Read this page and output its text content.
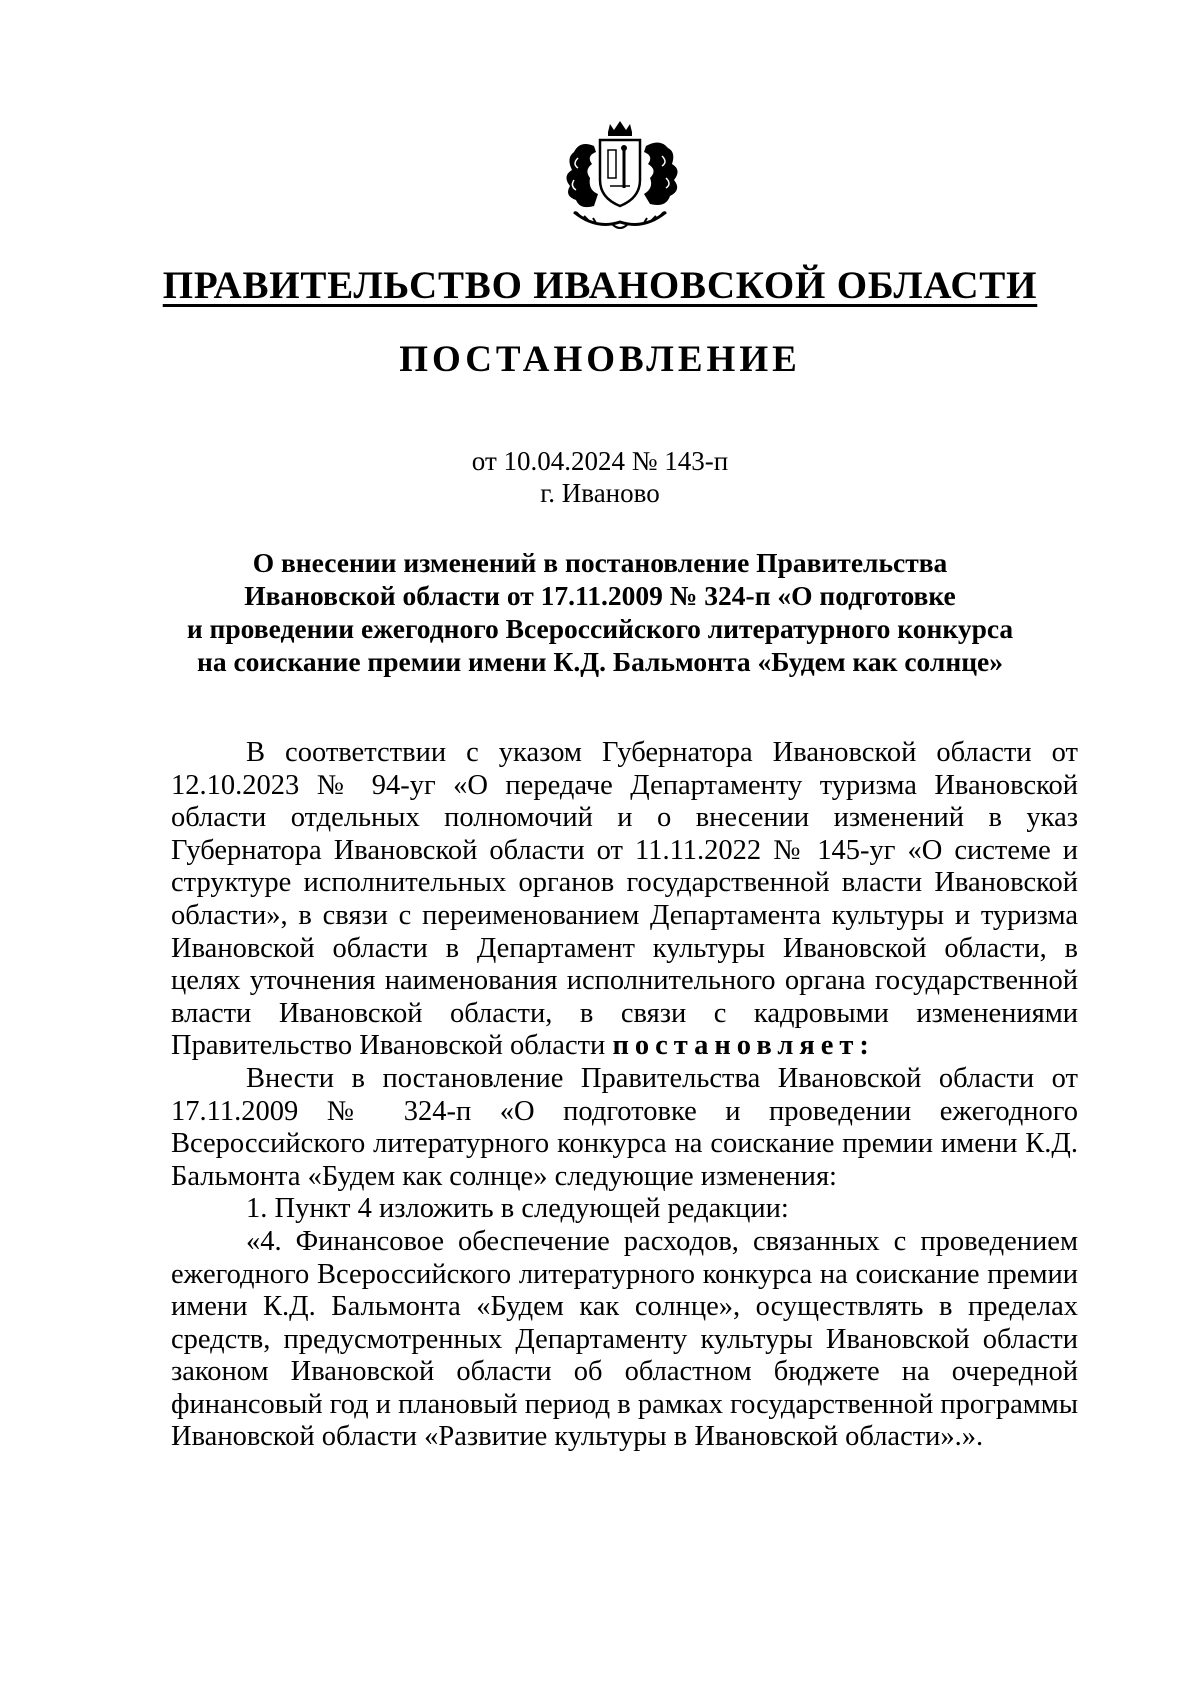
ПРАВИТЕЛЬСТВО ИВАНОВСКОЙ ОБЛАСТИ
ПОСТАНОВЛЕНИЕ
от 10.04.2024 № 143-п
г. Иваново
О внесении изменений в постановление Правительства
Ивановской области от 17.11.2009 № 324-п «О подготовке
и проведении ежегодного Всероссийского литературного конкурса
на соискание премии имени К.Д. Бальмонта «Будем как солнце»

В соответствии с указом Губернатора Ивановской области от 12.10.2023 № 94-уг «О передаче Департаменту туризма Ивановской области отдельных полномочий и о внесении изменений в указ Губернатора Ивановской области от 11.11.2022 № 145-уг «О системе и структуре исполнительных органов государственной власти Ивановской области», в связи с переименованием Департамента культуры и туризма Ивановской области в Департамент культуры Ивановской области, в целях уточнения наименования исполнительного органа государственной власти Ивановской области, в связи с кадровыми изменениями Правительство Ивановской области постановляет:

Внести в постановление Правительства Ивановской области от 17.11.2009 № 324-п «О подготовке и проведении ежегодного Всероссийского литературного конкурса на соискание премии имени К.Д. Бальмонта «Будем как солнце» следующие изменения:

1. Пункт 4 изложить в следующей редакции:

«4. Финансовое обеспечение расходов, связанных с проведением ежегодного Всероссийского литературного конкурса на соискание премии имени К.Д. Бальмонта «Будем как солнце», осуществлять в пределах средств, предусмотренных Департаменту культуры Ивановской области законом Ивановской области об областном бюджете на очередной финансовый год и плановый период в рамках государственной программы Ивановской области «Развитие культуры в Ивановской области».».
